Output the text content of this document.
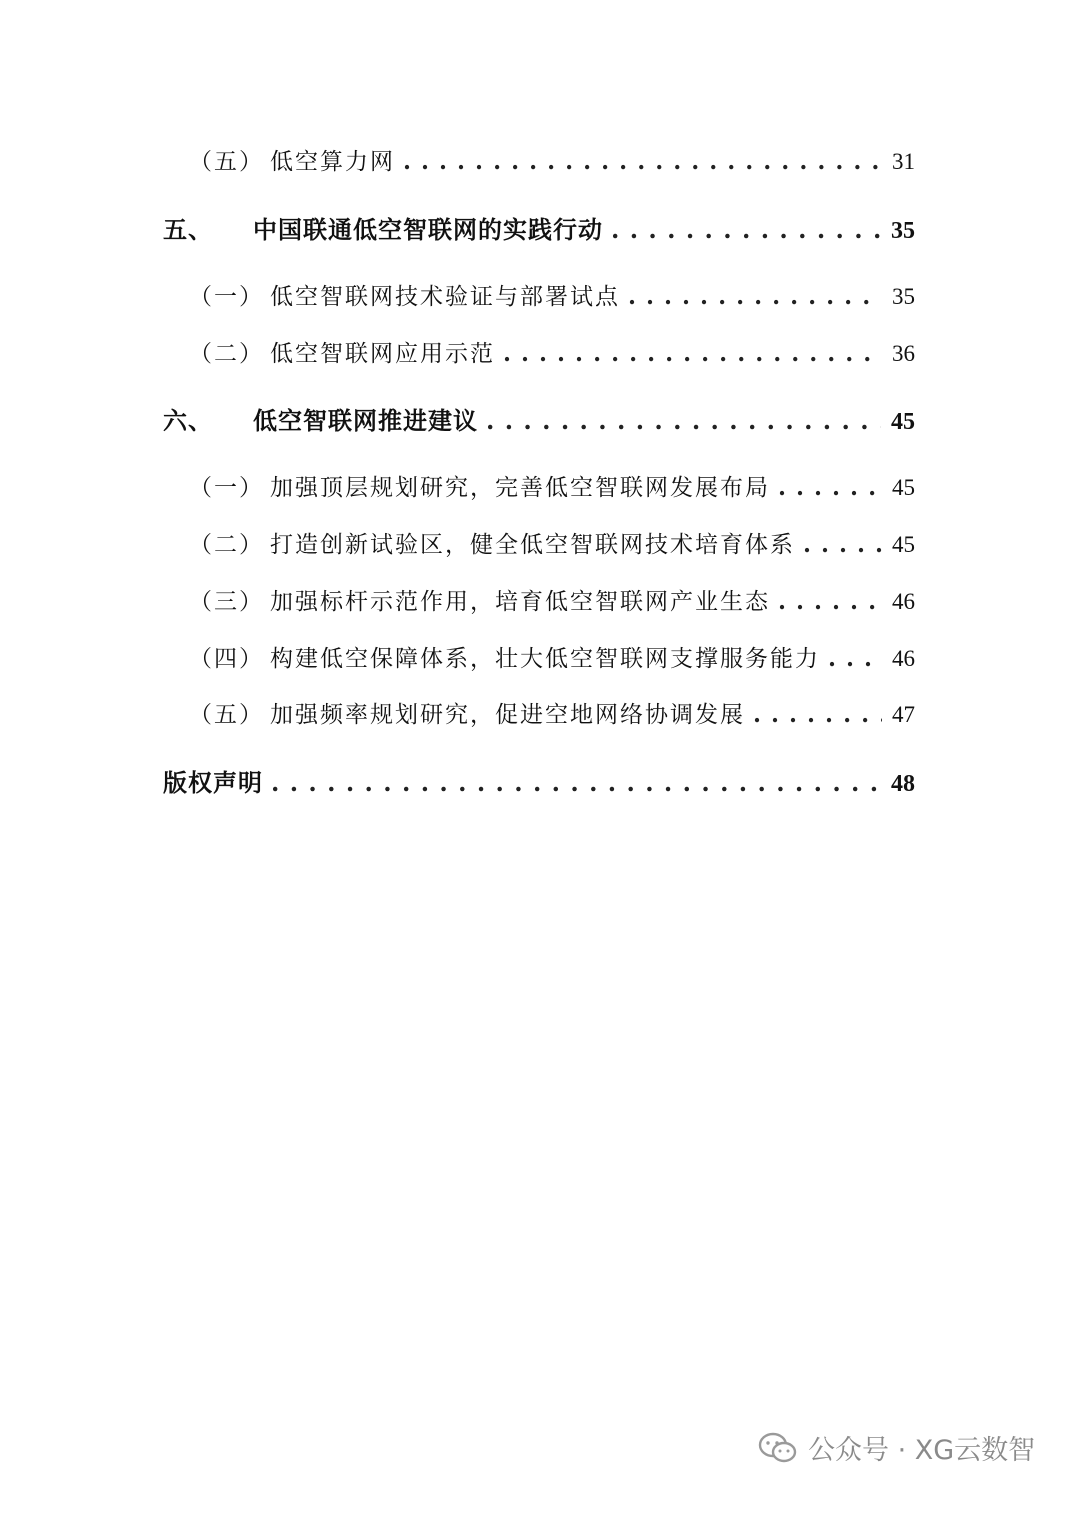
（五） 低空算力网 . . .	31
五、 中国联通低空智联网的实践行动 . . .	35
（一） 低空智联网技术验证与部署试点 . . .	35
（二） 低空智联网应用示范 . . .	36
六、 低空智联网推进建议 . . .	45
（一） 加强顶层规划研究，完善低空智联网发展布局 . . .	45
（二） 打造创新试验区，健全低空智联网技术培育体系 . . .	45
（三） 加强标杆示范作用，培育低空智联网产业生态 . . .	46
（四） 构建低空保障体系，壮大低空智联网支撑服务能力 . . .	46
（五） 加强频率规划研究，促进空地网络协调发展 . . .	47
版权声明 . . .	48
公众号 · XG云数智
